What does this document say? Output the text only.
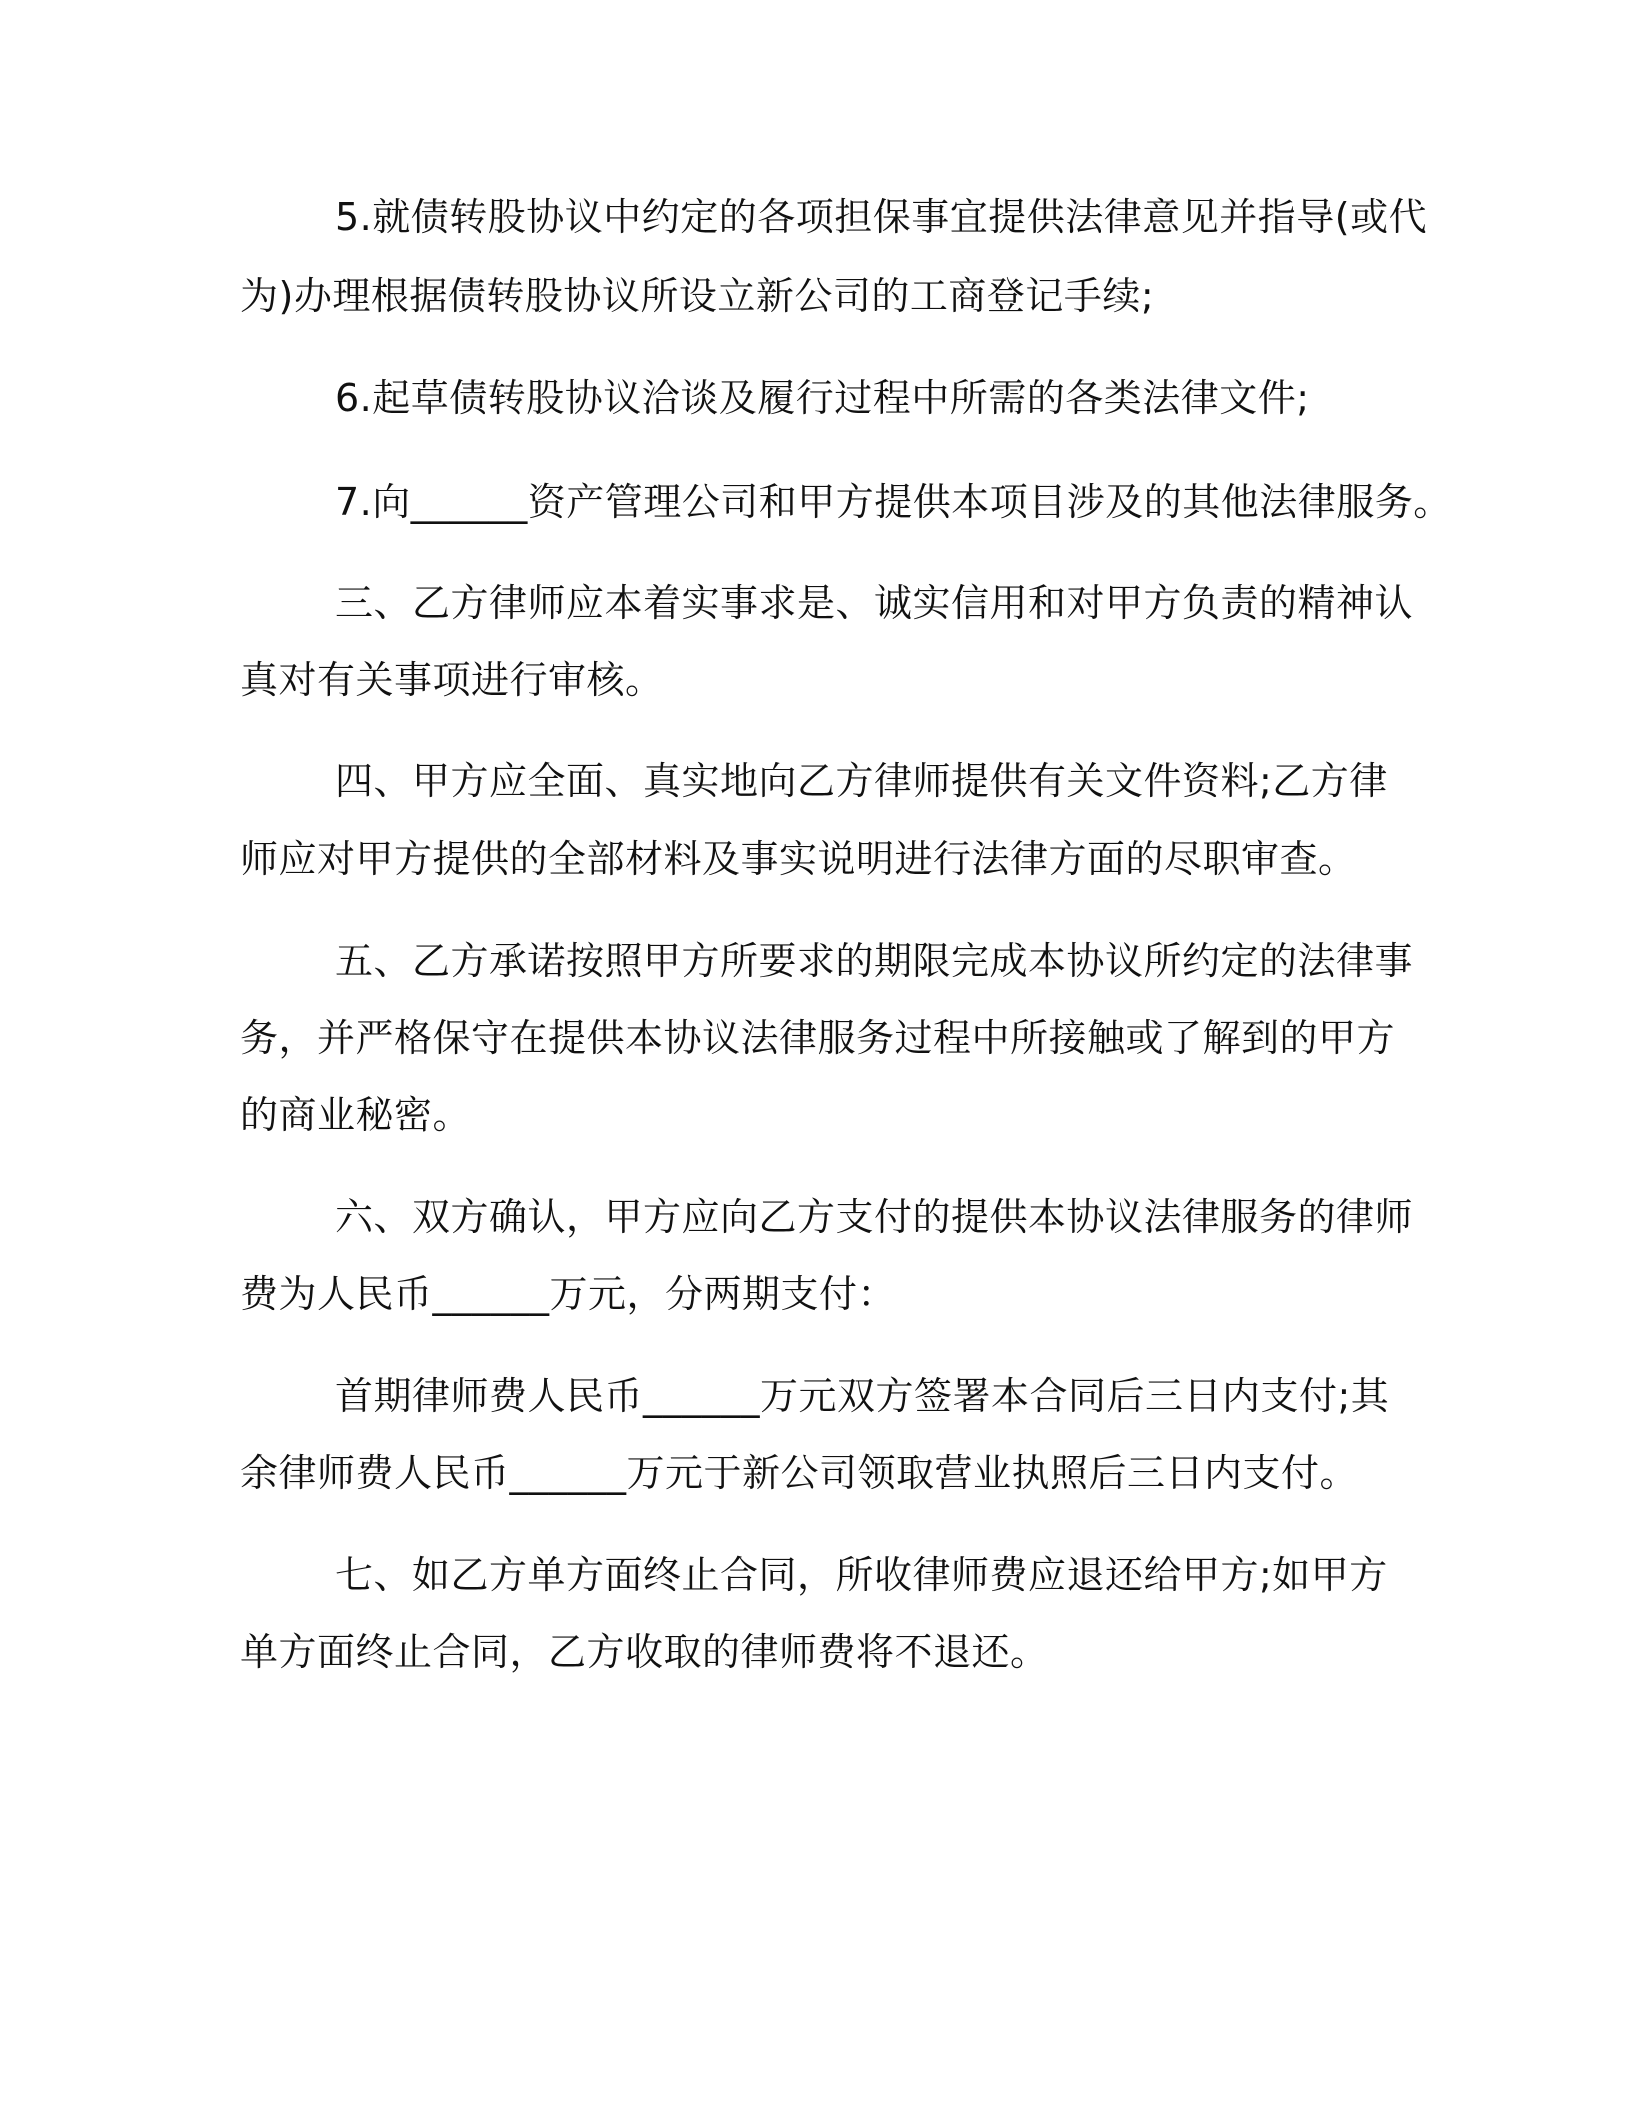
5.就债转股协议中约定的各项担保事宜提供法律意见并指导(或代
为)办理根据债转股协议所设立新公司的工商登记手续;
6.起草债转股协议洽谈及履行过程中所需的各类法律文件;
7.向______资产管理公司和甲方提供本项目涉及的其他法律服务。
三、乙方律师应本着实事求是、诚实信用和对甲方负责的精神认
真对有关事项进行审核。
四、甲方应全面、真实地向乙方律师提供有关文件资料;乙方律
师应对甲方提供的全部材料及事实说明进行法律方面的尽职审查。
五、乙方承诺按照甲方所要求的期限完成本协议所约定的法律事
务，并严格保守在提供本协议法律服务过程中所接触或了解到的甲方
的商业秘密。
六、双方确认，甲方应向乙方支付的提供本协议法律服务的律师
费为人民币______万元，分两期支付：
首期律师费人民币______万元双方签署本合同后三日内支付;其
余律师费人民币______万元于新公司领取营业执照后三日内支付。
七、如乙方单方面终止合同，所收律师费应退还给甲方;如甲方
单方面终止合同，乙方收取的律师费将不退还。
